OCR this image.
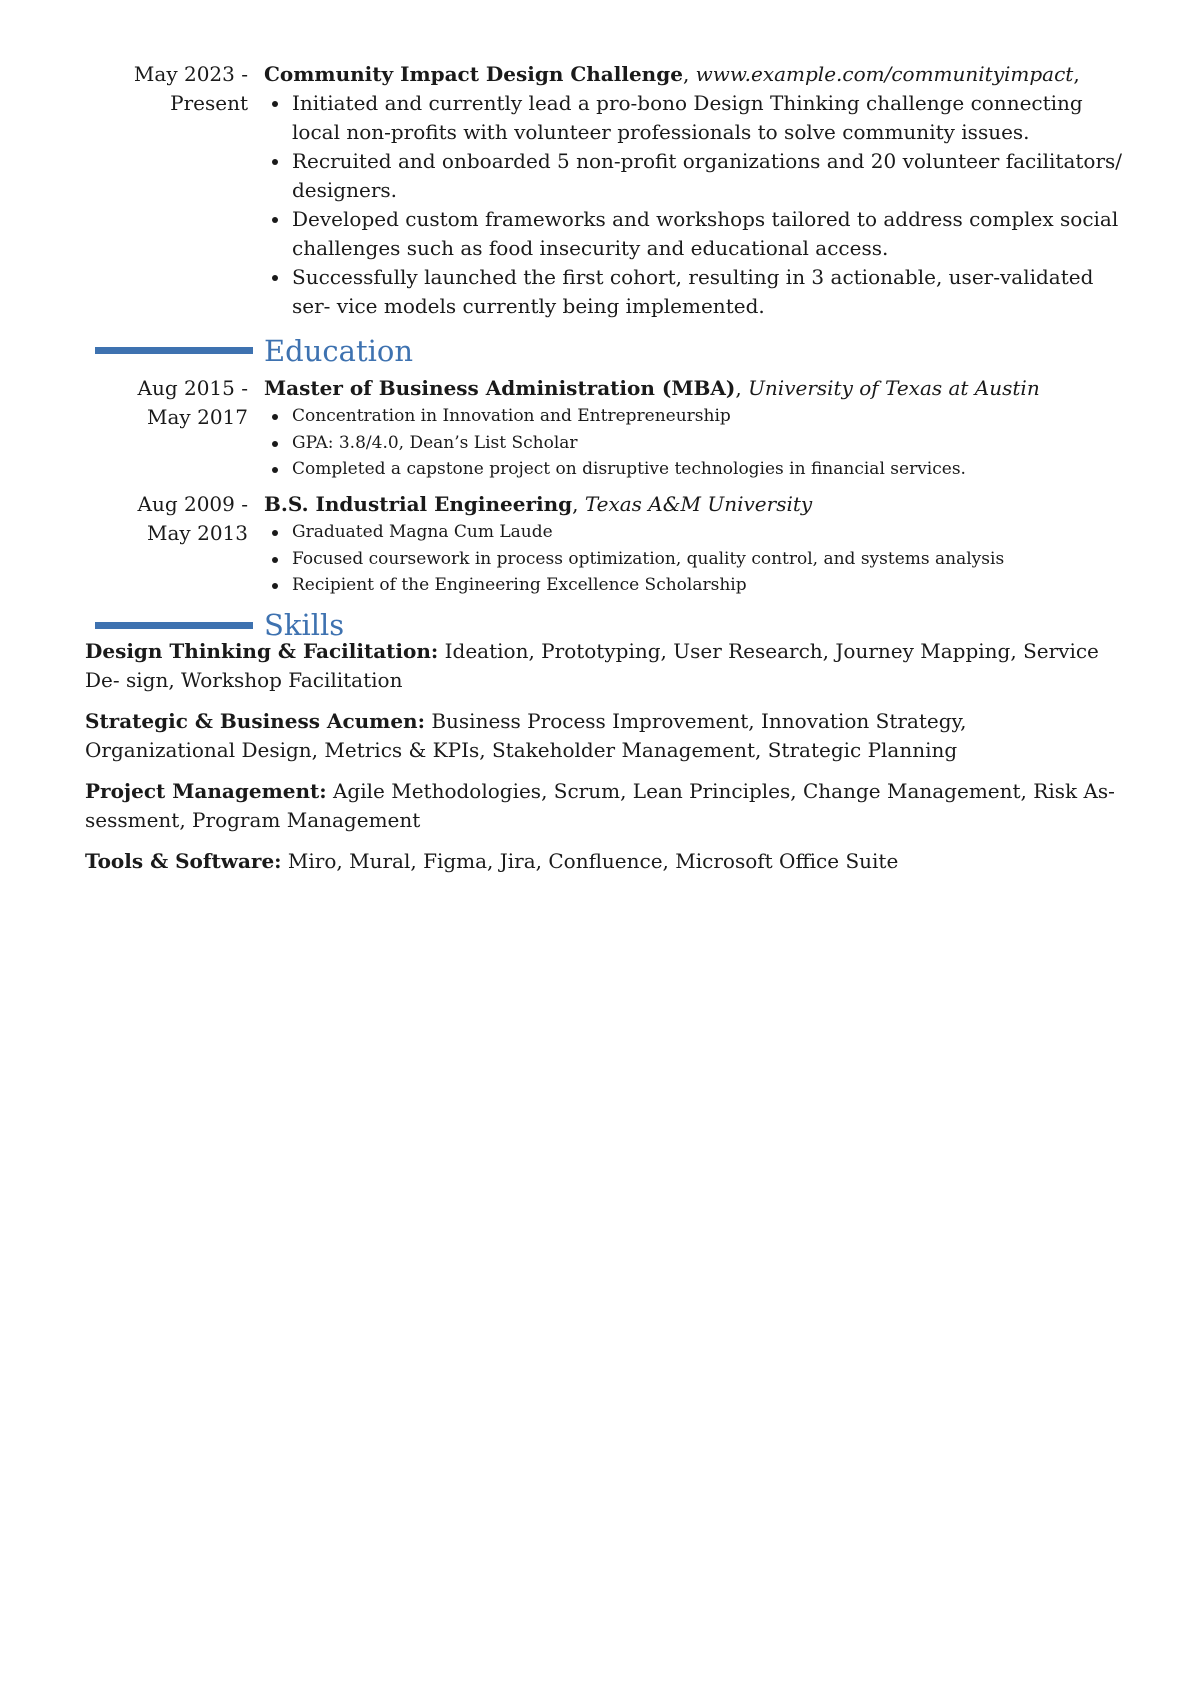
May 2023 -
Present
Community Impact Design Challenge, www.example.com/communityimpact,
Initiated and currently lead a pro-bono Design Thinking challenge connecting local non-profits with volunteer professionals to solve community issues.
Recruited and onboarded 5 non-profit organizations and 20 volunteer facilitators/ designers.
Developed custom frameworks and workshops tailored to address complex social challenges such as food insecurity and educational access.
Successfully launched the first cohort, resulting in 3 actionable, user-validated ser- vice models currently being implemented.
Education
Aug 2015 -
May 2017
Master of Business Administration (MBA), University of Texas at Austin
Concentration in Innovation and Entrepreneurship
GPA: 3.8/4.0, Dean’s List Scholar
Completed a capstone project on disruptive technologies in financial services.
Aug 2009 -
May 2013
B.S. Industrial Engineering, Texas A&M University
Graduated Magna Cum Laude
Focused coursework in process optimization, quality control, and systems analysis
Recipient of the Engineering Excellence Scholarship
Skills
Design Thinking & Facilitation: Ideation, Prototyping, User Research, Journey Mapping, Service De- sign, Workshop Facilitation
Strategic & Business Acumen: Business Process Improvement, Innovation Strategy, Organizational Design, Metrics & KPIs, Stakeholder Management, Strategic Planning
Project Management: Agile Methodologies, Scrum, Lean Principles, Change Management, Risk As- sessment, Program Management
Tools & Software: Miro, Mural, Figma, Jira, Confluence, Microsoft Office Suite
